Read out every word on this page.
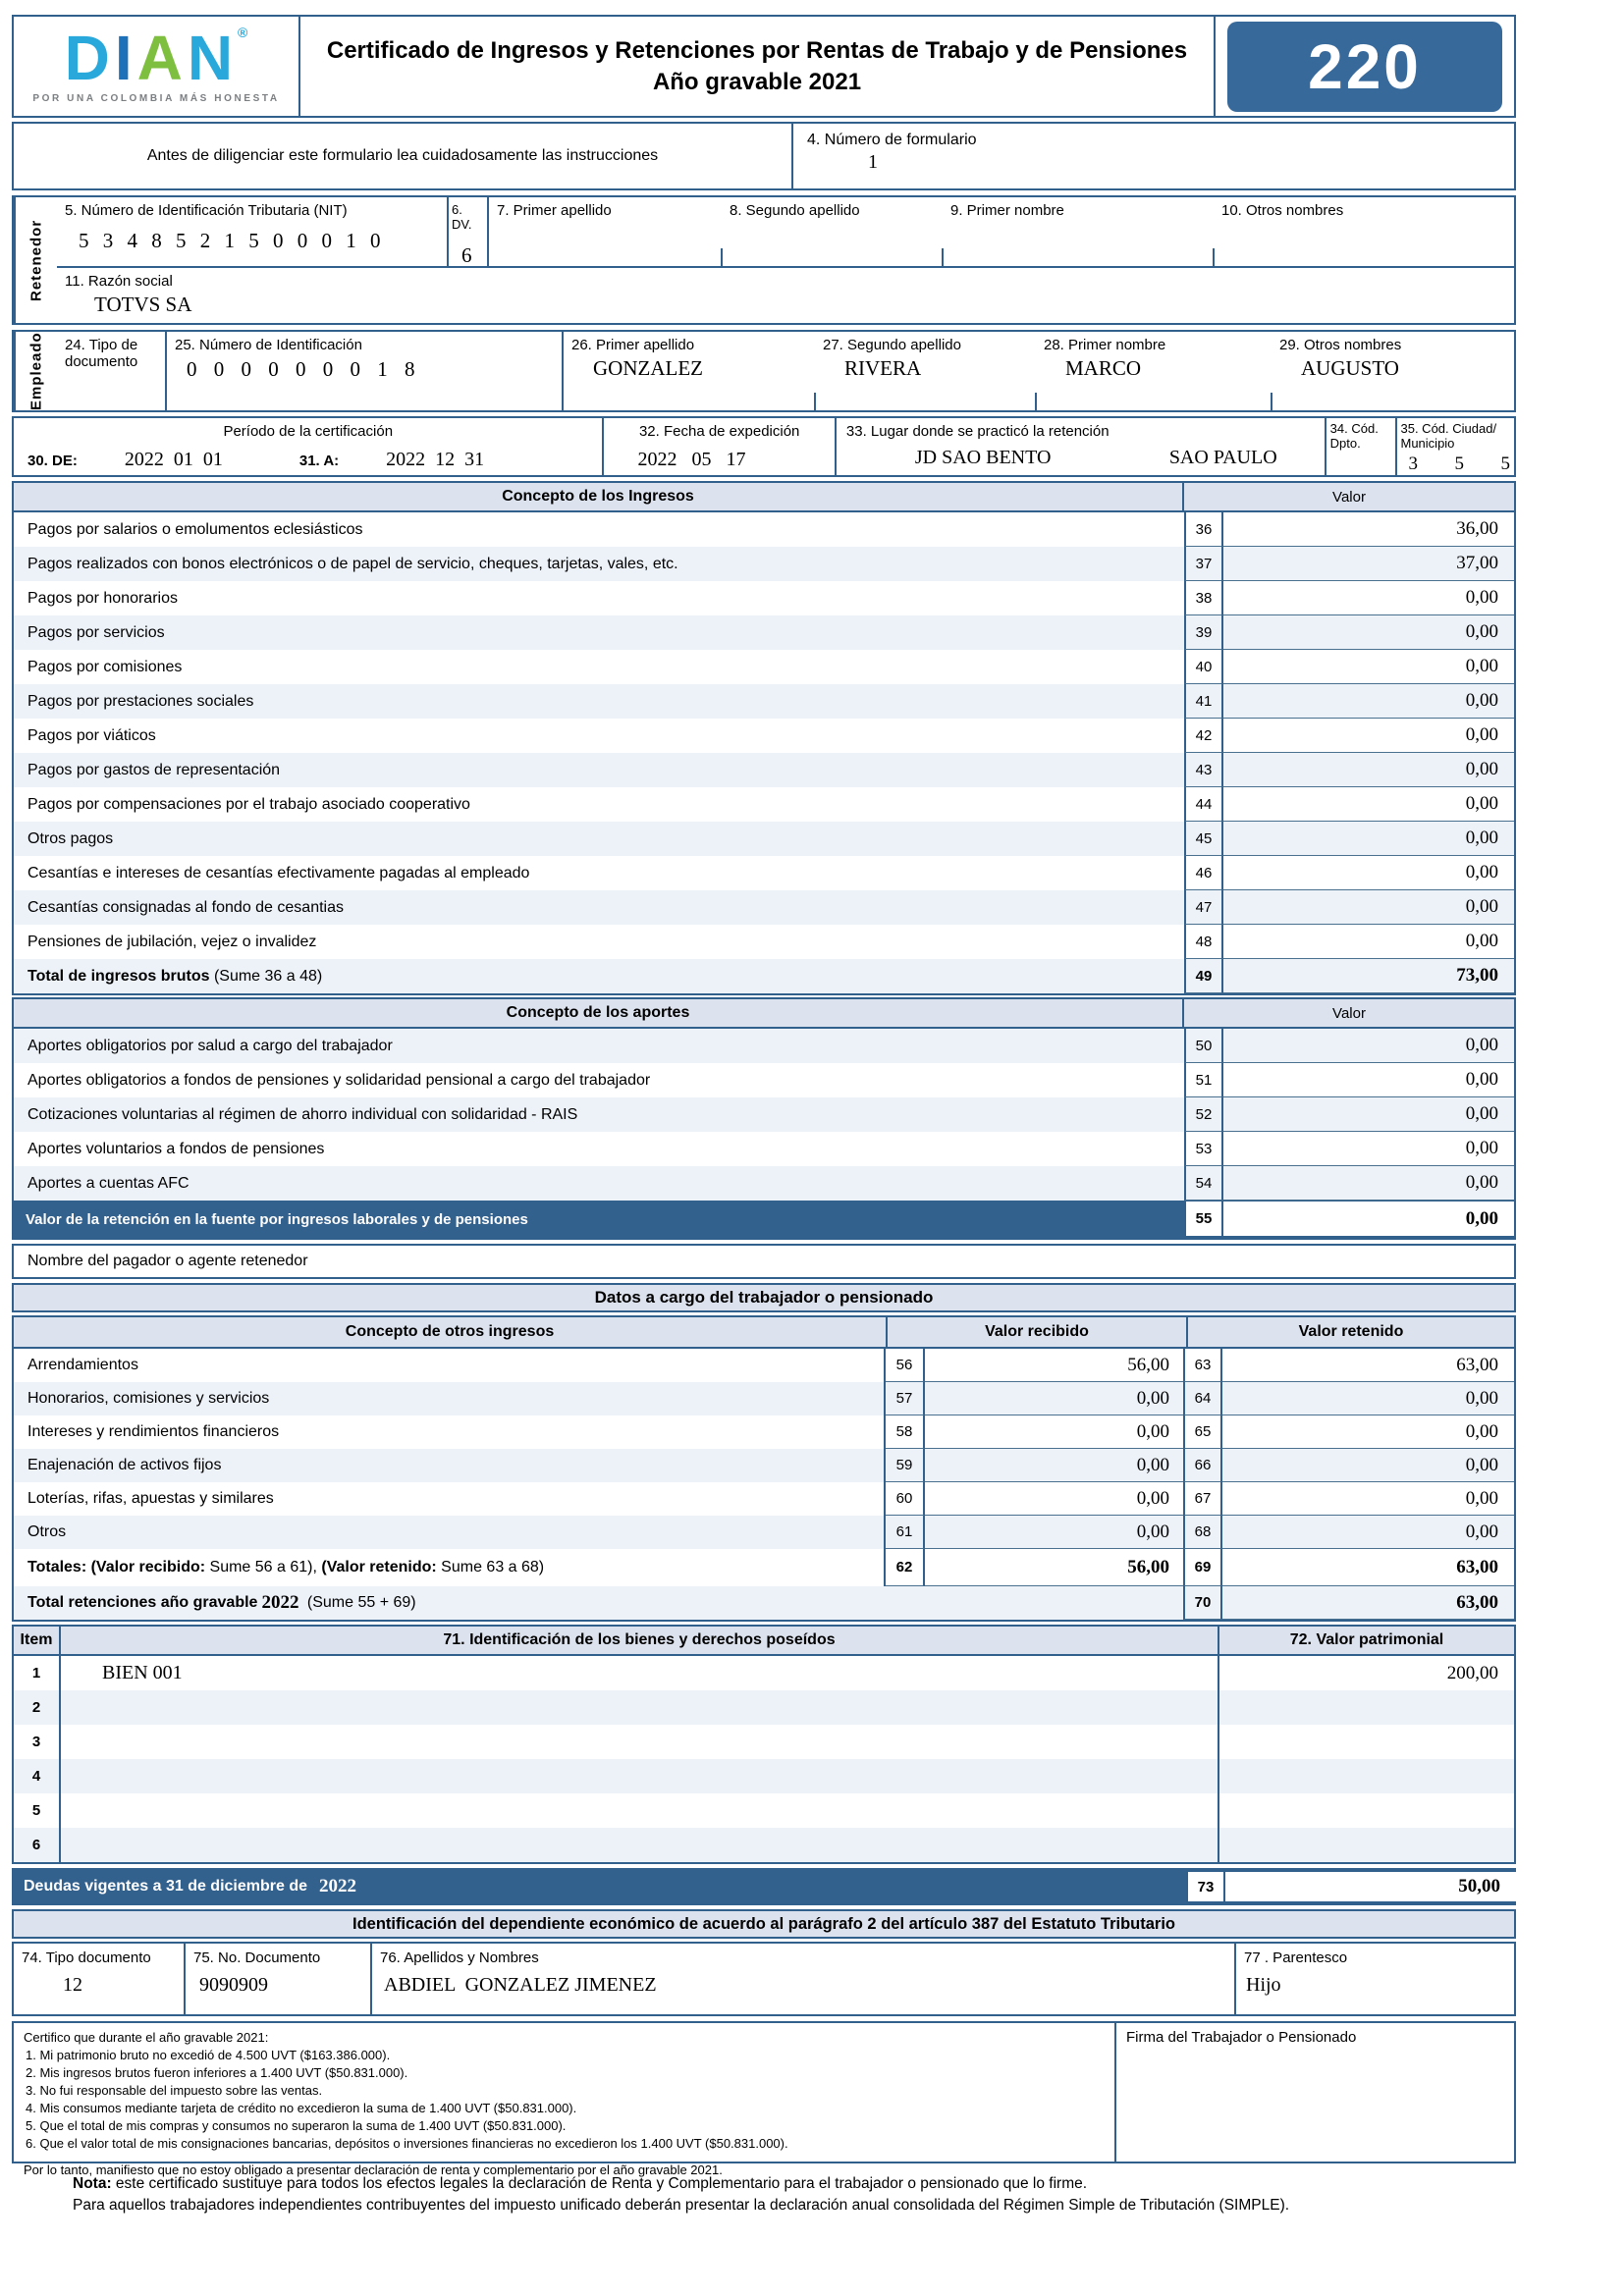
DIAN®
POR UNA COLOMBIA MÁS HONESTA
Certificado de Ingresos y Retenciones por Rentas de Trabajo y de Pensiones
Año gravable 2021	220
Antes de diligenciar este formulario lea cuidadosamente las instrucciones
4. Número de formulario
1
Retenedor
5. Número de Identificación Tributaria (NIT)
5 3 4 8 5 2 1 5 0 0 0 1 0
6. DV.
6
7. Primer apellido	8. Segundo apellido	9. Primer nombre	10. Otros nombres
11. Razón social
TOTVS SA
Empleado	24. Tipo de documento
25. Número de Identificación
0 0 0 0 0 0 0 1 8
26. Primer apellido
GONZALEZ
27. Segundo apellido
RIVERA
28. Primer nombre
MARCO
29. Otros nombres
AUGUSTO
Período de la certificación
30. DE: 2022  01  01	31. A: 2022  12  31
32. Fecha de expedición
2022   05   17
33. Lugar donde se practicó la retención
JD SAO BENTO	SAO PAULO
34. Cód. Dpto.
35. Cód. Ciudad/ Municipio
3  5  5
Concepto de los Ingresos	Valor
Pagos por salarios o emolumentos eclesiásticos	36	36,00
Pagos realizados con bonos electrónicos o de papel de servicio, cheques, tarjetas, vales, etc.	37	37,00
Pagos por honorarios	38	0,00
Pagos por servicios	39	0,00
Pagos por comisiones	40	0,00
Pagos por prestaciones sociales	41	0,00
Pagos por viáticos	42	0,00
Pagos por gastos de representación	43	0,00
Pagos por compensaciones por el trabajo asociado cooperativo	44	0,00
Otros pagos	45	0,00
Cesantías e intereses de cesantías efectivamente pagadas al empleado	46	0,00
Cesantías consignadas al fondo de cesantias	47	0,00
Pensiones de jubilación, vejez o invalidez	48	0,00
Total de ingresos brutos (Sume 36 a 48)	49	73,00
Concepto de los aportes	Valor
Aportes obligatorios por salud a cargo del trabajador	50	0,00
Aportes obligatorios a fondos de pensiones y solidaridad pensional a cargo del trabajador	51	0,00
Cotizaciones voluntarias al régimen de ahorro individual con solidaridad - RAIS	52	0,00
Aportes voluntarios a fondos de pensiones	53	0,00
Aportes a cuentas AFC	54	0,00
Valor de la retención en la fuente por ingresos laborales y de pensiones	55	0,00
Nombre del pagador o agente retenedor
Datos a cargo del trabajador o pensionado
Concepto de otros ingresos	Valor recibido	Valor retenido
Arrendamientos	56	56,00	63	63,00
Honorarios, comisiones y servicios	57	0,00	64	0,00
Intereses y rendimientos financieros	58	0,00	65	0,00
Enajenación de activos fijos	59	0,00	66	0,00
Loterías, rifas, apuestas y similares	60	0,00	67	0,00
Otros	61	0,00	68	0,00
Totales: (Valor recibido: Sume 56 a 61), (Valor retenido: Sume 63 a 68)	62	56,00	69	63,00
Total retenciones año gravable 2022 (Sume 55 + 69)	70	63,00
Item	71. Identificación de los bienes y derechos poseídos	72. Valor patrimonial
1	BIEN 001	200,00
2
3
4
5
6
Deudas vigentes a 31 de diciembre de 2022	73	50,00
Identificación del dependiente económico de acuerdo al parágrafo 2 del artículo 387 del Estatuto Tributario
74. Tipo documento
12
75. No. Documento
9090909
76. Apellidos y Nombres
ABDIEL  GONZALEZ JIMENEZ
77 . Parentesco
Hijo
Certifico que durante el año gravable 2021:
1. Mi patrimonio bruto no excedió de 4.500 UVT ($163.386.000).
2. Mis ingresos brutos fueron inferiores a 1.400 UVT ($50.831.000).
3. No fui responsable del impuesto sobre las ventas.
4. Mis consumos mediante tarjeta de crédito no excedieron la suma de 1.400 UVT ($50.831.000).
5. Que el total de mis compras y consumos no superaron la suma de 1.400 UVT ($50.831.000).
6. Que el valor total de mis consignaciones bancarias, depósitos o inversiones financieras no excedieron los 1.400 UVT ($50.831.000).
Por lo tanto, manifiesto que no estoy obligado a presentar declaración de renta y complementario por el año gravable 2021.
Firma del Trabajador o Pensionado
Nota: este certificado sustituye para todos los efectos legales la declaración de Renta y Complementario para el trabajador o pensionado que lo firme.
Para aquellos trabajadores independientes contribuyentes del impuesto unificado deberán presentar la declaración anual consolidada del Régimen Simple de Tributación (SIMPLE).
